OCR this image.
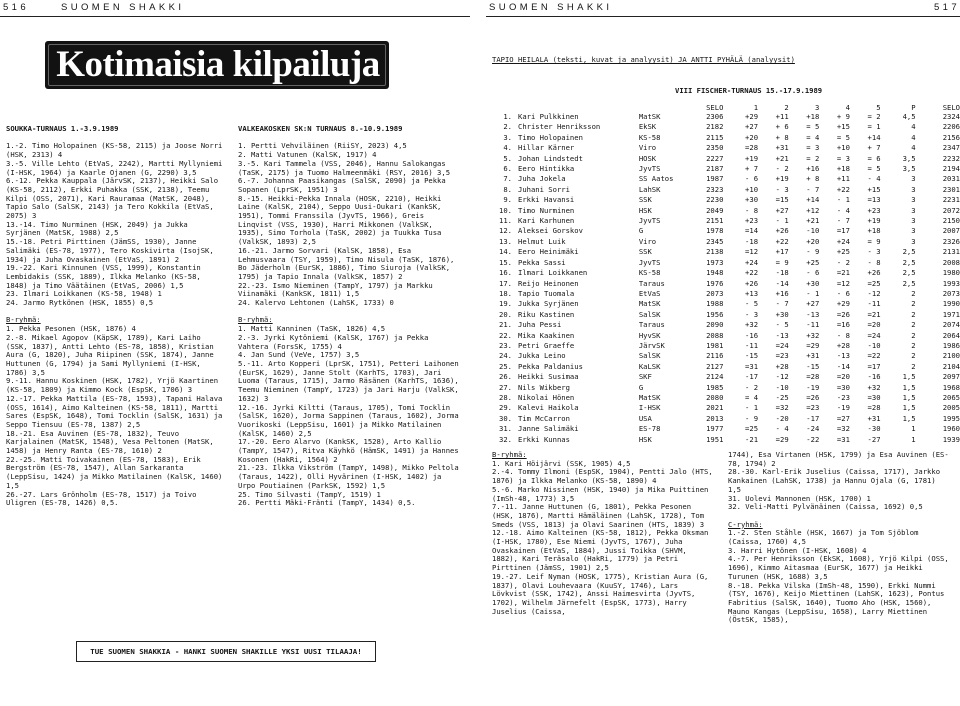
516	SUOMEN SHAKKI	SUOMEN SHAKKI	517
Kotimaisia kilpailuja	TAPIO HEILALA (teksti, kuvat ja analyysit) JA ANTTI PYHÄLÄ (analyysit)
VIII FISCHER-TURNAUS 15.-17.9.1989
		SELO	1	2	3	4	5	P	SELO
1. Kari Pulkkinen	MatSK	2306	+29	+11	+18	+ 9	= 2	4,5	2324
2. Christer Henriksson	EkSK	2182	+27	+ 6	= 5	+15	= 1	4	2206
3. Timo Holopainen	KS-58	2115	+20	+ 8	= 4	= 5	+14	4	2156
4. Hillar Kärner	Viro	2350	=28	+31	= 3	+10	+ 7	4	2347
5. Johan Lindstedt	HOSK	2227	+19	+21	= 2	= 3	= 6	3,5	2232
6. Eero Hintikka	JyvTS	2187	+ 7	- 2	+16	+18	= 5	3,5	2194
7. Juha Jokela	SS Aatos	1987	- 6	+19	+ 8	+11	- 4	3	2031
8. Juhani Sorri	LahSK	2323	+10	- 3	- 7	+22	+15	3	2301
9. Erkki Havansi	SSK	2230	+30	=15	+14	- 1	=13	3	2231
10. Timo Nurminen	HSK	2049	- 8	+27	+12	- 4	+23	3	2072
11. Kari Karhunen	JyvTS	2151	+23	- 1	+21	- 7	+19	3	2150
12. Aleksei Gorskov	G	1978	=14	+26	-10	=17	+18	3	2007
13. Helmut Luik	Viro	2345	-18	+22	+20	+24	= 9	3	2326
14. Eero Heinimäki	SSK	2138	=12	+17	- 9	+25	- 3	2,5	2131
15. Pekka Sassi	JyvTS	1973	+24	= 9	+25	- 2	- 8	2,5	2008
16. Ilmari Loikkanen	KS-58	1948	+22	-18	- 6	=21	+26	2,5	1980
17. Reijo Heinonen	Taraus	1976	+26	-14	+30	=12	=25	2,5	1993
18. Tapio Tuomala	EtVaS	2073	+13	+16	- 1	- 6	-12	2	2073
19. Jukka Syrjänen	MatSK	1988	- 5	- 7	+27	+29	-11	2	1990
20. Riku Kastinen	SalSK	1956	- 3	+30	-13	=26	=21	2	1971
21. Juha Pessi	Taraus	2090	+32	- 5	-11	=16	=20	2	2074
22. Mika Kaakinen	HyvSK	2088	-16	-13	+32	- 8	=24	2	2064
23. Petri Graeffe	JärvSK	1981	-11	=24	=29	+28	-10	2	1986
24. Jukka Leino	SalSK	2116	-15	=23	+31	-13	=22	2	2100
25. Pekka Paldanius	KaLSK	2127	=31	+28	-15	-14	=17	2	2104
26. Heikki Susimaa	SKF	2124	-17	-12	=28	=20	-16	1,5	2097
27. Nils Wikberg	G	1985	- 2	-10	-19	=30	+32	1,5	1968
28. Nikolai Hönen	MatSK	2080	= 4	-25	=26	-23	=30	1,5	2065
29. Kalevi Haikola	I-HSK	2021	- 1	=32	=23	-19	=28	1,5	2005
30. Tim McCarron	USA	2013	- 9	-20	-17	=27	+31	1,5	1995
31. Janne Salimäki	ES-78	1977	=25	- 4	-24	=32	-30	1	1960
32. Erkki Kunnas	HSK	1951	-21	=29	-22	=31	-27	1	1939

SOUKKA-TURNAUS 1.-3.9.1989

1.-2. Timo Holopainen (KS-58, 2115) ja Joose Norri (HSK, 2313) 4

3.-5. Ville Lehto (EtVaS, 2242), Martti Myllyniemi (I-HSK, 1964) ja Kaarle Ojanen (G, 2290) 3,5

6.-12. Pekka Kauppala (JärvSK, 2137), Heikki Salo (KS-58, 2112), Erkki Puhakka (SSK, 2138), Teemu Kilpi (OSS, 2071), Kari Rauramaa (MatSK, 2048), Tapio Salo (SalSK, 2143) ja Tero Kokkila (EtVaS, 2075) 3

13.-14. Timo Nurminen (HSK, 2049) ja Jukka Syrjänen (MatSK, 1988) 2,5

15.-18. Petri Pirttinen (JämSS, 1930), Janne Salimäki (ES-78, 1977), Tero Koskivirta (IsojSK, 1934) ja Juha Ovaskainen (EtVaS, 1891) 2

19.-22. Kari Kinnunen (VSS, 1999), Konstantin Lembidakis (SSK, 1889), Ilkka Melanko (KS-58, 1848) ja Timo Väätäinen (EtVaS, 2006) 1,5

23. Ilmari Loikkanen (KS-58, 1948) 1

24. Jarmo Rytkönen (HSK, 1855) 0,5

B-ryhmä:

1. Pekka Pesonen (HSK, 1876) 4

2.-8. Mikael Agopov (KäpSK, 1789), Kari Laiho (SSK, 1837), Antti Lehto (ES-78, 1858), Kristian Aura (G, 1820), Juha Riipinen (SSK, 1874), Janne Huttunen (G, 1794) ja Sami Myllyniemi (I-HSK, 1786) 3,5

9.-11. Hannu Koskinen (HSK, 1782), Yrjö Kaartinen (KS-58, 1809) ja Kimmo Kock (EspSK, 1706) 3

12.-17. Pekka Mattila (ES-78, 1593), Tapani Halava (OSS, 1614), Aimo Kalteinen (KS-58, 1811), Martti Sares (EspSK, 1648), Tomi Tocklin (SalSK, 1631) ja Seppo Tiensuu (ES-78, 1387) 2,5

18.-21. Esa Auvinen (ES-78, 1832), Teuvo Karjalainen (MatSK, 1548), Vesa Peltonen (MatSK, 1458) ja Henry Ranta (ES-78, 1610) 2

22.-25. Matti Toivakainen (ES-78, 1583), Erik Bergström (ES-78, 1547), Allan Sarkaranta (LeppSisu, 1424) ja Mikko Matilainen (KalSK, 1460) 1,5

26.-27. Lars Grönholm (ES-78, 1517) ja Toivo Uligren (ES-78, 1426) 0,5.

VALKEAKOSKEN SK:N TURNAUS 8.-10.9.1989

1. Pertti Vehviläinen (RiiSY, 2023) 4,5

2. Matti Vatunen (KalSK, 1917) 4

3.-5. Kari Tammela (VSS, 2046), Hannu Salokangas (TaSK, 2175) ja Tuomo Halmeenmäki (RSY, 2016) 3,5

6.-7. Johanna Paasikangas (SalSK, 2090) ja Pekka Sopanen (LprSK, 1951) 3

8.-15. Heikki-Pekka Innala (HOSK, 2210), Heikki Laine (KalSK, 2104), Seppo Uusi-Oukari (KankSK, 1951), Tommi Franssila (JyvTS, 1966), Greis Linqvist (VSS, 1930), Harri Mikkonen (ValkSK, 1935), Simo Torhola (TaSK, 2002) ja Tuukka Tusa (ValkSK, 1893) 2,5

16.-21. Jarmo Sorvari (KalSK, 1858), Esa Lehmusvaara (TSY, 1959), Timo Nisula (TaSK, 1876), Bo Jäderholm (EurSK, 1886), Timo Siuroja (ValkSK, 1795) ja Tapio Innala (ValkSK, 1857) 2

22.-23. Ismo Nieminen (TampY, 1797) ja Markku Viinamäki (KankSK, 1811) 1,5

24. Kalervo Lehtonen (LahSK, 1733) 0

B-ryhmä:

1. Matti Kanninen (TaSK, 1826) 4,5

2.-3. Jyrki Kytöniemi (KalSK, 1767) ja Pekka Vahtera (ForsSK, 1755) 4

4. Jan Sund (VeVe, 1757) 3,5

5.-11. Arto Kopperi (LprSK, 1751), Petteri Laihonen (EurSK, 1629), Janne Stolt (KarhTS, 1703), Jari Luoma (Taraus, 1715), Jarmo Räsänen (KarhTS, 1636), Teemu Nieminen (TampY, 1723) ja Jari Harju (ValkSK, 1632) 3

12.-16. Jyrki Kiltti (Taraus, 1705), Tomi Tocklin (SalSK, 1620), Jorma Sappinen (Taraus, 1602), Jorma Vuorikoski (LeppSisu, 1601) ja Mikko Matilainen (KalSK, 1460) 2,5

17.-20. Eero Alarvo (KankSK, 1528), Arto Kallio (TampY, 1547), Ritva Käyhkö (HämSK, 1491) ja Hannes Kosonen (HakRi, 1564) 2

21.-23. Ilkka Vikström (TampY, 1498), Mikko Peltola (Taraus, 1422), Olli Hyvärinen (I-HSK, 1402) ja Urpo Poutiainen (ParkSK, 1592) 1,5

25. Timo Silvasti (TampY, 1519) 1

26. Pertti Mäki-Fränti (TampY, 1434) 0,5.

TUE SUOMEN SHAKKIA - HANKI SUOMEN SHAKILLE YKSI UUSI TILAAJA!

B-ryhmä:

1. Kari Höijärvi (SSK, 1905) 4,5

2.-4. Tommy Ilmoni (EspSK, 1904), Pentti Jalo (HTS, 1876) ja Ilkka Melanko (KS-58, 1890) 4

5.-6. Marko Nissinen (HSK, 1940) ja Mika Puittinen (ImSh-48, 1773) 3,5

7.-11. Janne Huttunen (G, 1801), Pekka Pesonen (HSK, 1876), Martti Hämäläinen (LahSK, 1728), Tom Smeds (VSS, 1813) ja Olavi Saarinen (HTS, 1839) 3

12.-18. Aimo Kalteinen (KS-58, 1812), Pekka Oksman (I-HSK, 1780), Ese Niemi (JyvTS, 1767), Juha Ovaskainen (EtVaS, 1884), Jussi Toikka (SHVM, 1882), Kari Teräsalo (HakRi, 1779) ja Petri Pirttinen (JämSS, 1901) 2,5

19.-27. Leif Nyman (HOSK, 1775), Kristian Aura (G, 1837), Olavi Louhevaara (KuuSY, 1746), Lars Lövkvist (SSK, 1742), Anssi Haimesvirta (JyvTS, 1702), Wilhelm Järnefelt (EspSK, 1773), Harry Juselius (Caissa,

1744), Esa Virtanen (HSK, 1799) ja Esa Auvinen (ES-78, 1794) 2

28.-30. Karl-Erik Juselius (Caissa, 1717), Jarkko Kankainen (LahSK, 1738) ja Hannu Ojala (G, 1781) 1,5

31. Uolevi Mannonen (HSK, 1700) 1

32. Veli-Matti Pylvänäinen (Caissa, 1692) 0,5

C-ryhmä:

1.-2. Sten Ståhle (HSK, 1667) ja Tom Sjöblom (Caissa, 1760) 4,5

3. Harri Hytönen (I-HSK, 1608) 4

4.-7. Per Henriksson (EkSK, 1608), Yrjö Kilpi (OSS, 1696), Kimmo Aitasmaa (EurSK, 1677) ja Heikki Turunen (HSK, 1688) 3,5

8.-18. Pekka Vilska (ImSh-48, 1590), Erkki Nummi (TSY, 1676), Keijo Miettinen (LahSK, 1623), Pontus Fabritius (SalSK, 1640), Tuomo Aho (HSK, 1560), Mauno Kangas (LeppSisu, 1658), Larry Miettinen (ÖstSK, 1585),
